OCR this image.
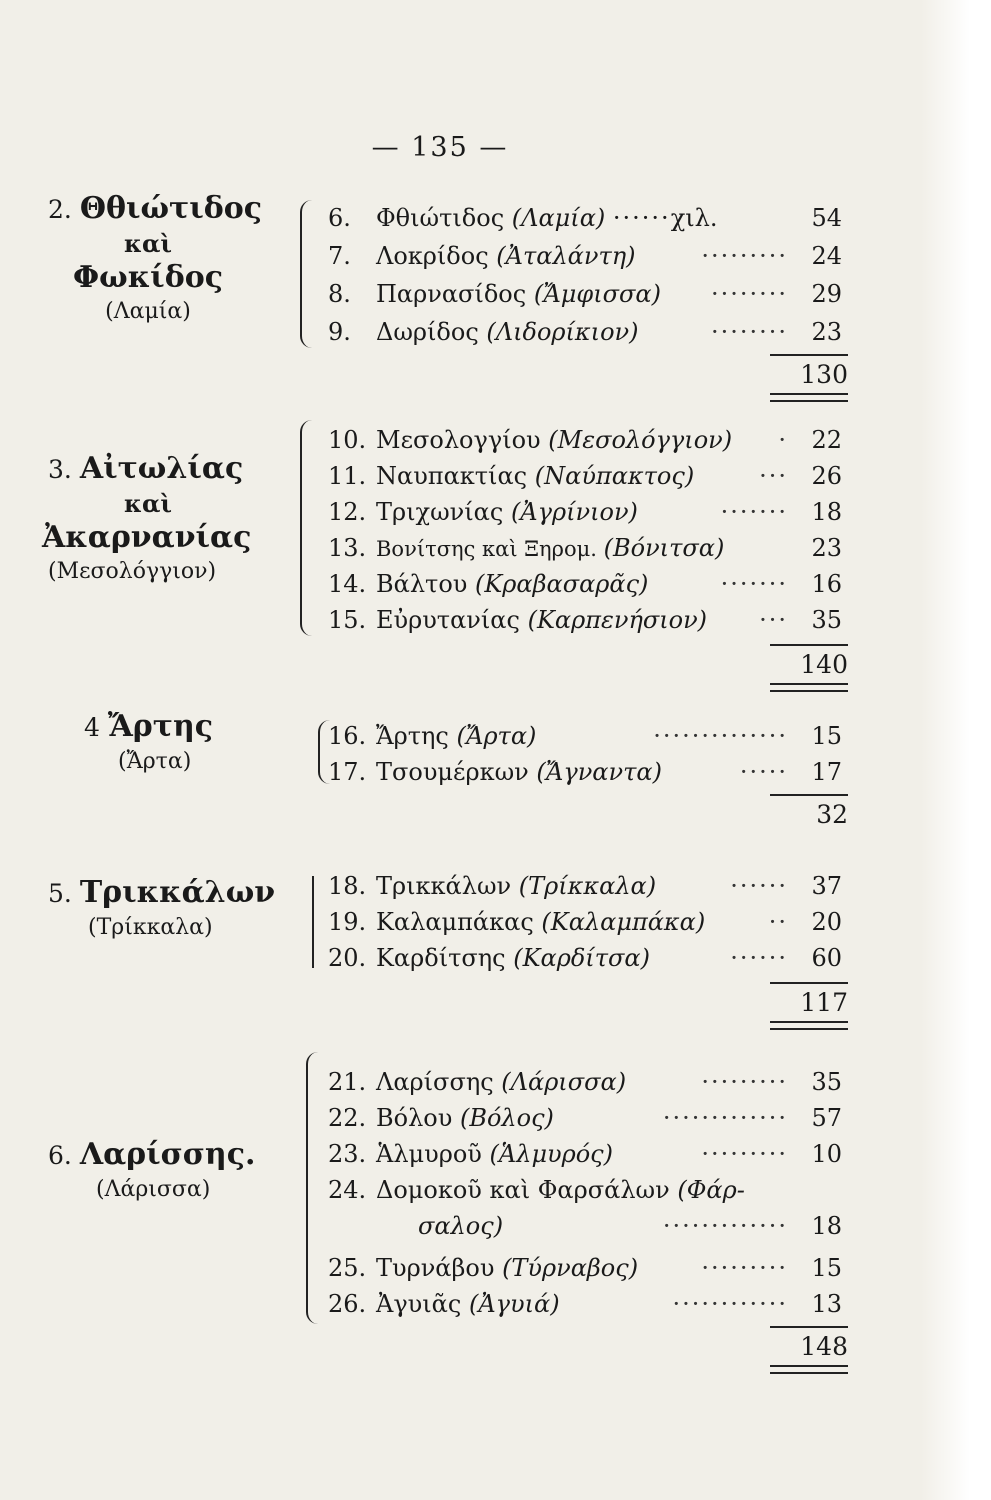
— 135 —
2. Θθιώτιδος
καὶ
Φωκίδος
(Λαμία)
6. Φθιώτιδος (Λαμία) ······χιλ.	54
7. Λοκρίδος (Ἀταλάντη)	········· 24
8. Παρνασίδος (Ἄμφισσα) ········ 29
9. Δωρίδος (Λιδορίκιον)	········ 23
130
3. Αἰτωλίας
καὶ
Ἀκαρνανίας
(Μεσολόγγιον)
10. Μεσολογγίου (Μεσολόγγιον) · 22
11. Ναυπακτίας (Ναύπακτος)	··· 26
12. Τριχωνίας (Ἀγρίνιον)	······· 18
13. Βονίτσης καὶ Ξηρομ. (Βόνιτσα)	23
14. Βάλτου (Κραβασαρᾶς)	······· 16
15. Εὐρυτανίας (Καρπενήσιον) ··· 35
140
4 Ἄρτης
(Ἄρτα)
16. Ἄρτης (Ἄρτα)	·············· 15
17. Τσουμέρκων (Ἄγναντα)	····· 17
32
5. Τρικκάλων
(Τρίκκαλα)
18. Τρικκάλων (Τρίκκαλα)	······ 37
19. Καλαμπάκας (Καλαμπάκα)	·· 20
20. Καρδίτσης (Καρδίτσα)	······ 60
117
6. Λαρίσσης.
(Λάρισσα)
21. Λαρίσσης (Λάρισσα)	········· 35
22. Βόλου (Βόλος)	············· 57
23. Ἁλμυροῦ (Ἁλμυρός)	········· 10
24. Δομοκοῦ καὶ Φαρσάλων (Φάρ-
σαλος)	············· 18
25. Τυρνάβου (Τύρναβος)	········· 15
26. Ἀγυιᾶς (Ἀγυιά)	············ 13
148
